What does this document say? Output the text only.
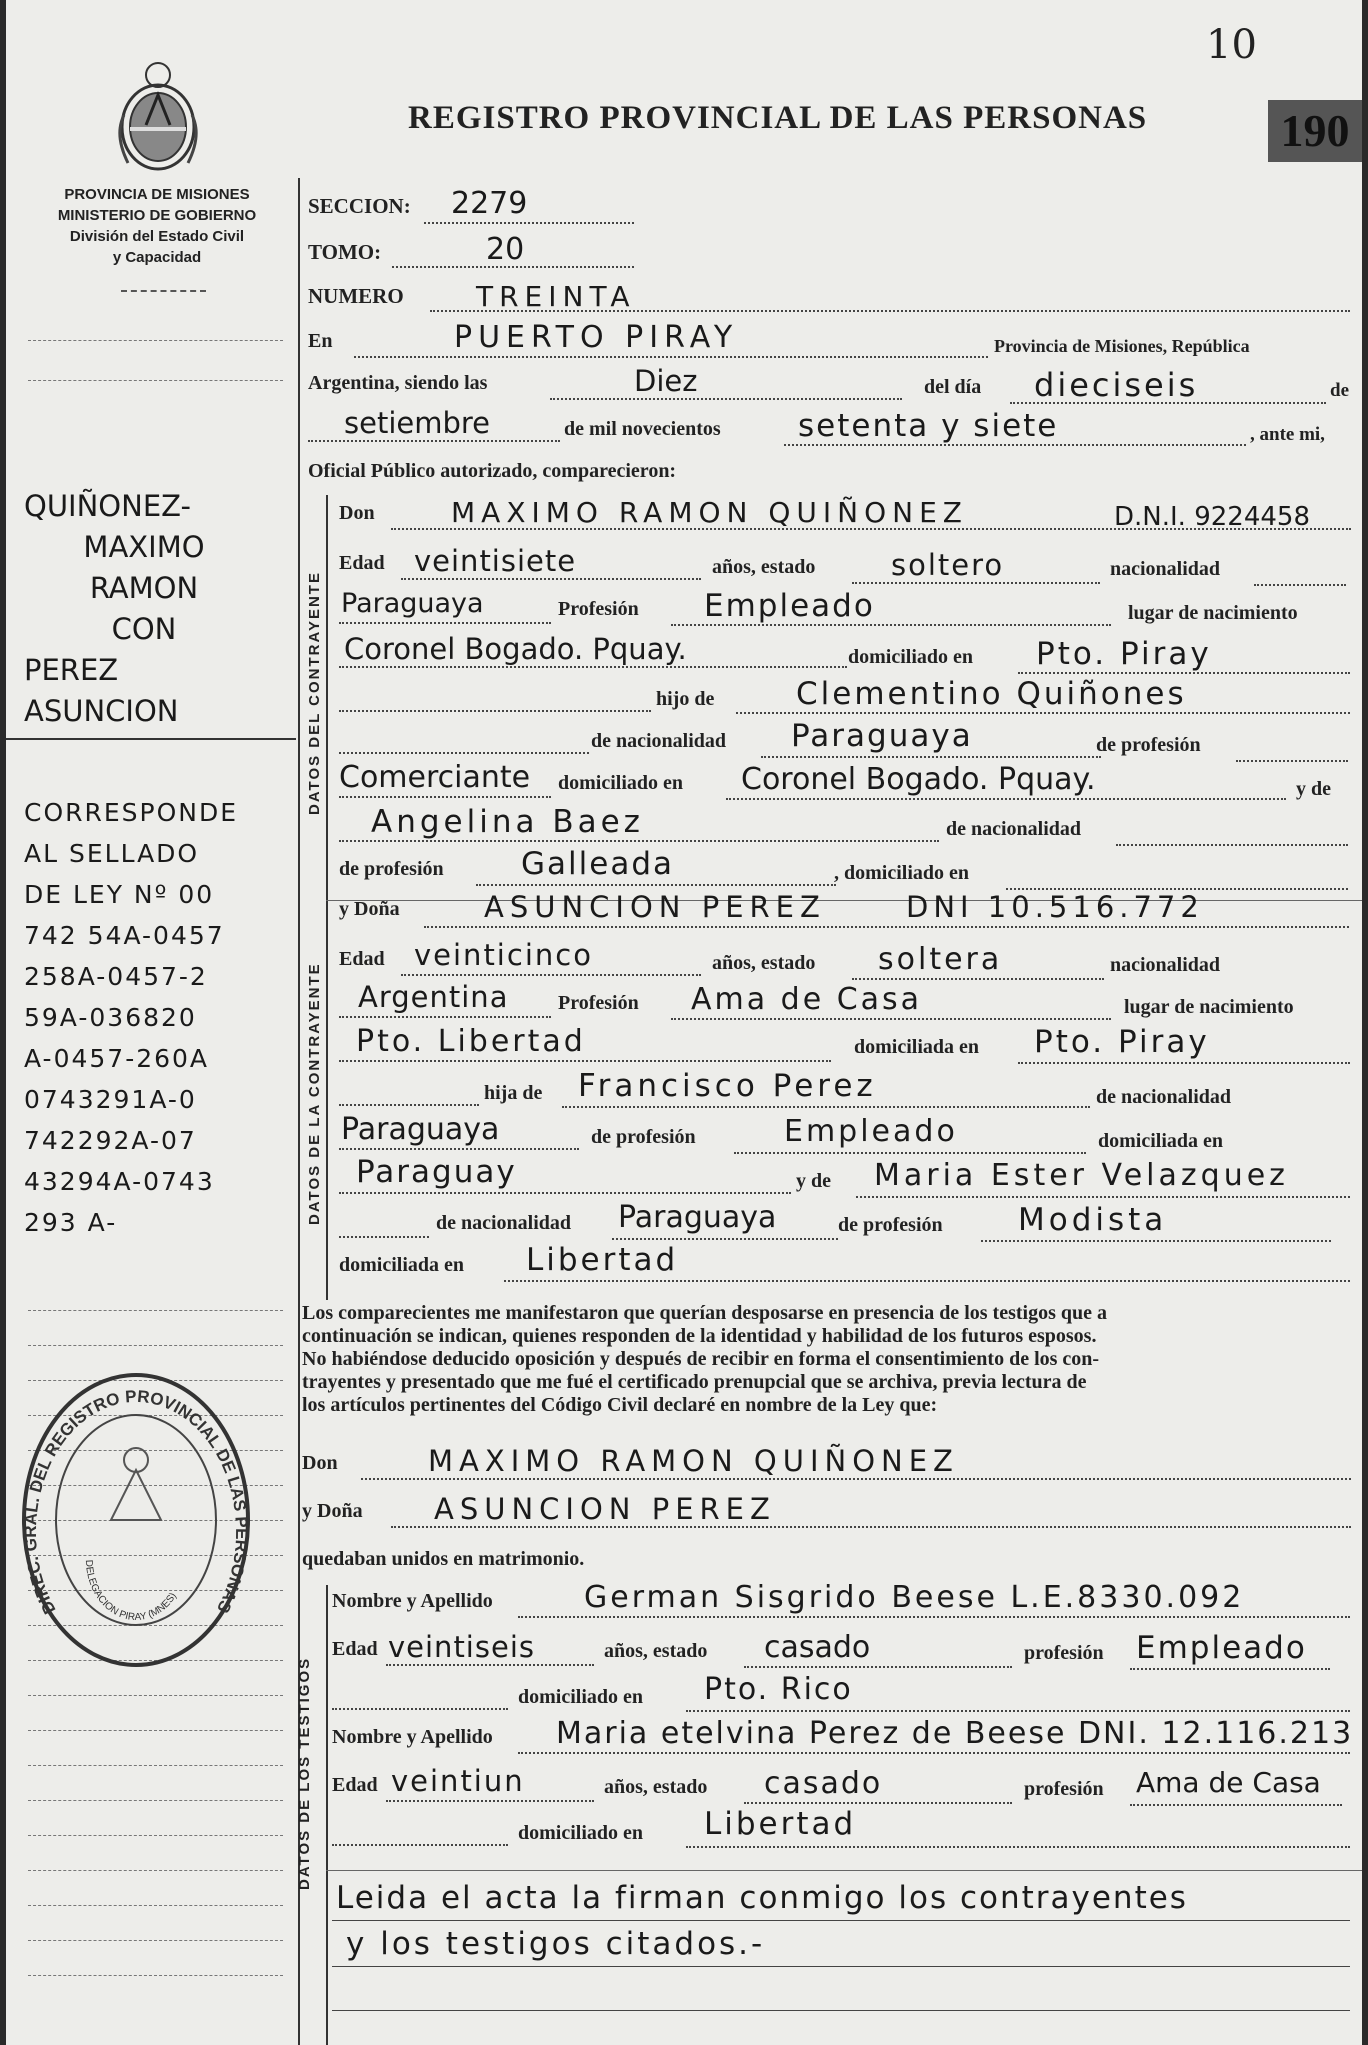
10
190
REGISTRO PROVINCIAL DE LAS PERSONAS
PROVINCIA DE MISIONES
MINISTERIO DE GOBIERNO
División del Estado Civil
y Capacidad
QUIÑONEZ-
MAXIMO
RAMON
CON
PEREZ
ASUNCION
CORRESPONDE
AL SELLADO
DE LEY Nº 00
742 54A-0457
258A-0457-2
59A-036820
A-0457-260A
0743291A-0
742292A-07
43294A-0743
293 A-
DIREC. GRAL. DEL REGISTRO PROVINCIAL DE LAS PERSONAS
DELEGACION PIRAY (MNES)
SECCION: 2279
TOMO:	20
NUMERO	TREINTA
En	PUERTO PIRAY	Provincia de Misiones, República
Argentina, siendo las	Diez	del día dieciseis	de
setiembre	de mil novecientos setenta y siete	, ante mi,
Oficial Público autorizado, comparecieron:
DATOS DEL CONTRAYENTE
DATOS DE LA CONTRAYENTE
DATOS DE LOS TESTIGOS
Don	MAXIMO RAMON QUIÑONEZ	D.N.I. 9224458
Edad veintisiete	años, estado	soltero	nacionalidad
Paraguaya	Profesión Empleado	lugar de nacimiento
Coronel Bogado. Pquay.	domiciliado en Pto. Piray
hijo de	Clementino Quiñones
de nacionalidad Paraguaya	de profesión
Comerciante domiciliado en Coronel Bogado. Pquay.	y de
Angelina Baez	de nacionalidad
de profesión Galleada	, domiciliado en
y Doña	ASUNCION PEREZ	DNI 10.516.772
Edad veinticinco	años, estado soltera	nacionalidad
Argentina Profesión Ama de Casa	lugar de nacimiento
Pto. Libertad	domiciliada en Pto. Piray
hija de Francisco Perez	de nacionalidad
Paraguaya	de profesión	Empleado	domiciliada en
Paraguay	y de Maria Ester Velazquez
de nacionalidad Paraguaya	de profesión Modista
domiciliada en Libertad
Los comparecientes me manifestaron que querían desposarse en presencia de los testigos que a
continuación se indican, quienes responden de la identidad y habilidad de los futuros esposos.
No habiéndose deducido oposición y después de recibir en forma el consentimiento de los con-
trayentes y presentado que me fué el certificado prenupcial que se archiva, previa lectura de
los artículos pertinentes del Código Civil declaré en nombre de la Ley que:
Don	MAXIMO RAMON QUIÑONEZ
y Doña ASUNCION PEREZ
quedaban unidos en matrimonio.
Nombre y Apellido	German Sisgrido Beese L.E.8330.092
Edad veintiseis	años, estado casado	profesión Empleado
domiciliado en Pto. Rico
Nombre y Apellido Maria etelvina Perez de Beese DNI. 12.116.213
Edad veintiun	años, estado casado	profesión Ama de Casa
domiciliado en Libertad
Leida el acta la firman conmigo los contrayentes
y los testigos citados.-
